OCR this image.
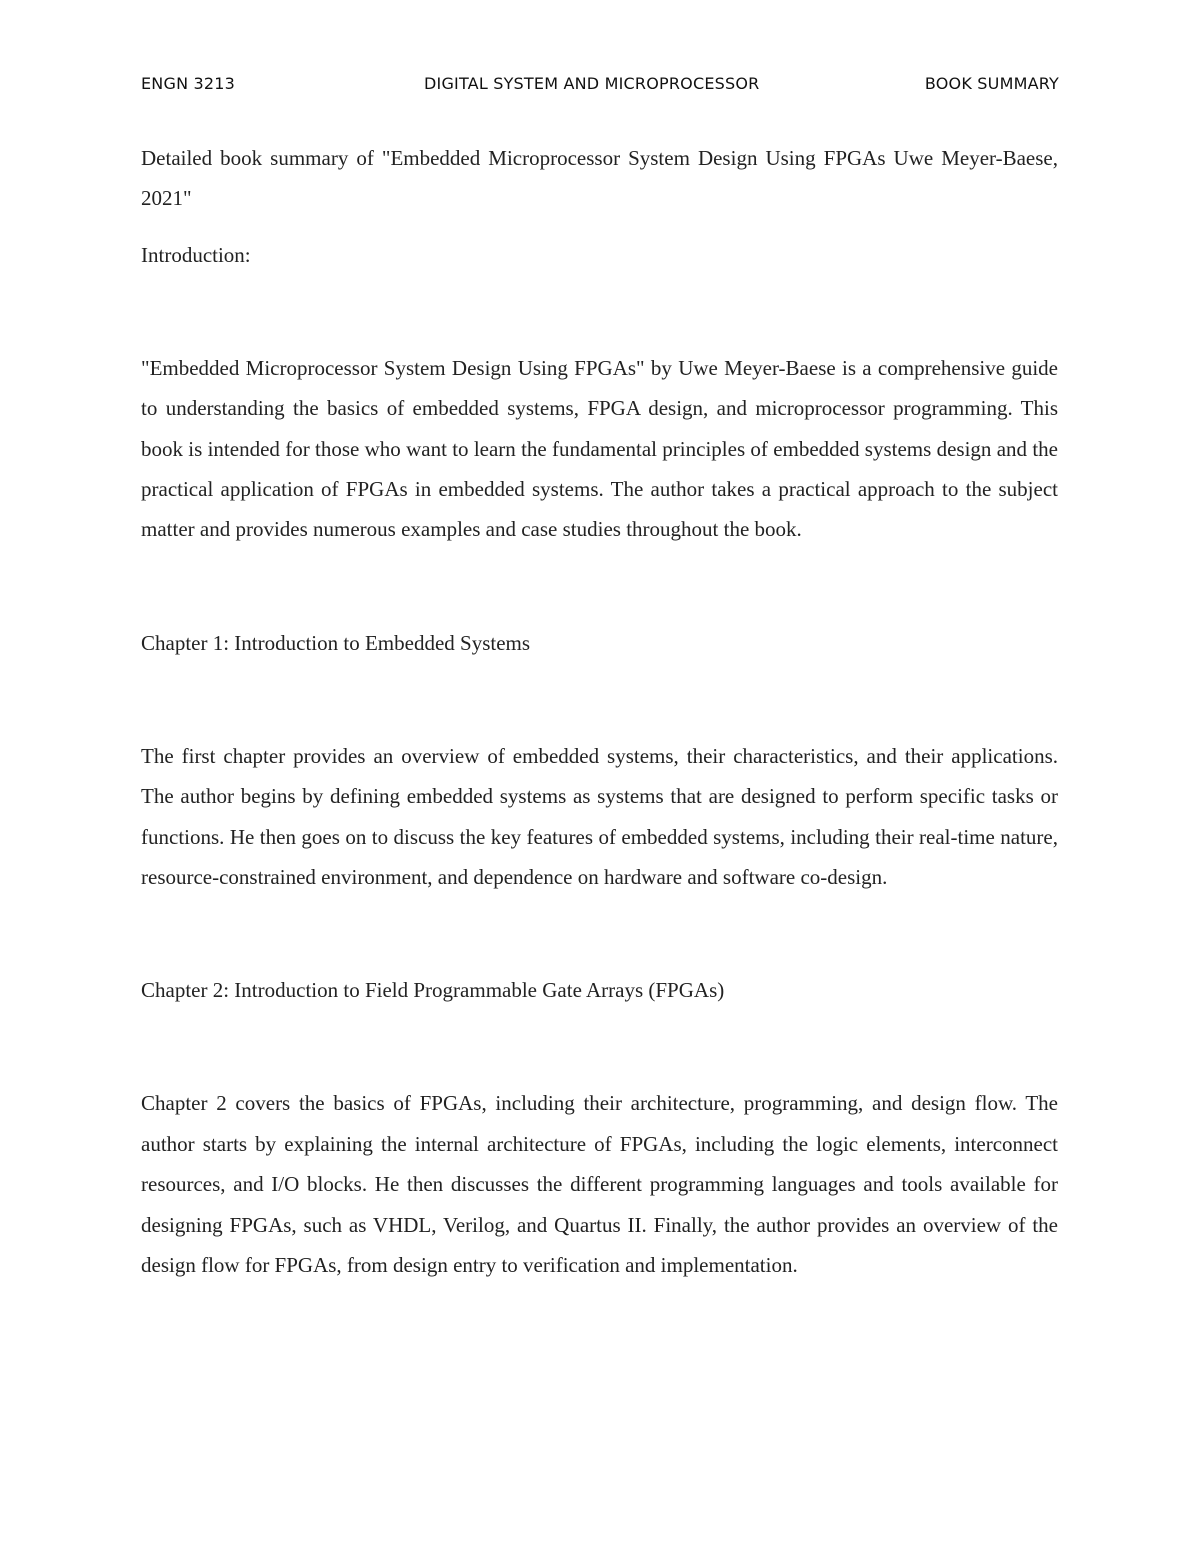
ENGN 3213	DIGITAL SYSTEM AND MICROPROCESSOR	BOOK SUMMARY

Detailed book summary of "Embedded Microprocessor System Design Using FPGAs Uwe Meyer-Baese, 2021"

Introduction:

"Embedded Microprocessor System Design Using FPGAs" by Uwe Meyer-Baese is a comprehensive guide to understanding the basics of embedded systems, FPGA design, and microprocessor programming. This book is intended for those who want to learn the fundamental principles of embedded systems design and the practical application of FPGAs in embedded systems. The author takes a practical approach to the subject matter and provides numerous examples and case studies throughout the book.

Chapter 1: Introduction to Embedded Systems

The first chapter provides an overview of embedded systems, their characteristics, and their applications. The author begins by defining embedded systems as systems that are designed to perform specific tasks or functions. He then goes on to discuss the key features of embedded systems, including their real-time nature, resource-constrained environment, and dependence on hardware and software co-design.

Chapter 2: Introduction to Field Programmable Gate Arrays (FPGAs)

Chapter 2 covers the basics of FPGAs, including their architecture, programming, and design flow. The author starts by explaining the internal architecture of FPGAs, including the logic elements, interconnect resources, and I/O blocks. He then discusses the different programming languages and tools available for designing FPGAs, such as VHDL, Verilog, and Quartus II. Finally, the author provides an overview of the design flow for FPGAs, from design entry to verification and implementation.
